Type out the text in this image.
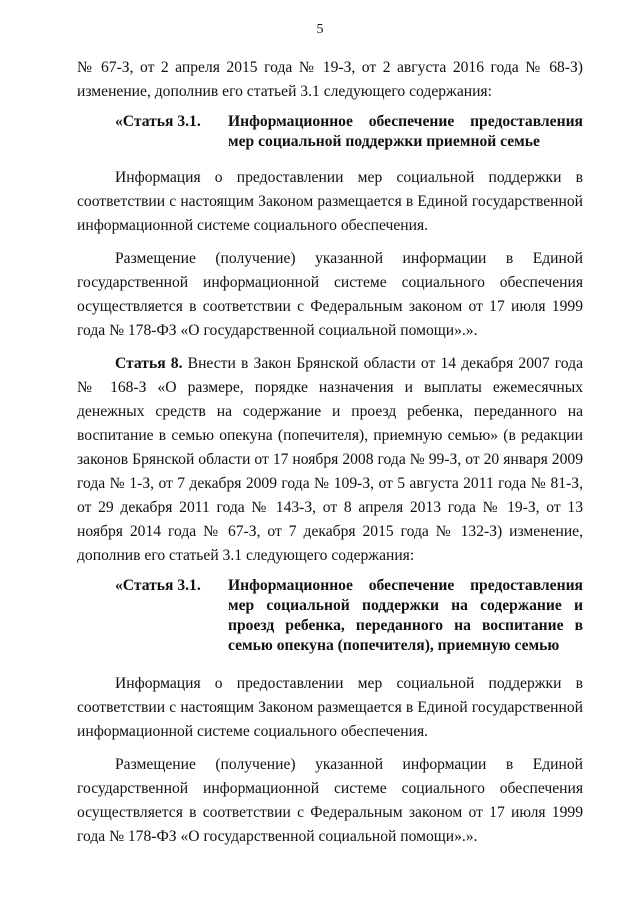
5

№ 67-З, от 2 апреля 2015 года № 19-З, от 2 августа 2016 года № 68-З) изменение, дополнив его статьей 3.1 следующего содержания:

«Статья 3.1.	Информационное обеспечение предоставления мер социальной поддержки приемной семье

Информация о предоставлении мер социальной поддержки в соответствии с настоящим Законом размещается в Единой государственной информационной системе социального обеспечения.

Размещение (получение) указанной информации в Единой государственной информационной системе социального обеспечения осуществляется в соответствии с Федеральным законом от 17 июля 1999 года № 178-ФЗ «О государственной социальной помощи».».

Статья 8. Внести в Закон Брянской области от 14 декабря 2007 года № 168-З «О размере, порядке назначения и выплаты ежемесячных денежных средств на содержание и проезд ребенка, переданного на воспитание в семью опекуна (попечителя), приемную семью» (в редакции законов Брянской области от 17 ноября 2008 года № 99-З, от 20 января 2009 года № 1-З, от 7 декабря 2009 года № 109-З, от 5 августа 2011 года № 81-З, от 29 декабря 2011 года № 143-З, от 8 апреля 2013 года № 19-З, от 13 ноября 2014 года № 67-З, от 7 декабря 2015 года № 132-З) изменение, дополнив его статьей 3.1 следующего содержания:

«Статья 3.1.	Информационное обеспечение предоставления мер социальной поддержки на содержание и проезд ребенка, переданного на воспитание в семью опекуна (попечителя), приемную семью

Информация о предоставлении мер социальной поддержки в соответствии с настоящим Законом размещается в Единой государственной информационной системе социального обеспечения.

Размещение (получение) указанной информации в Единой государственной информационной системе социального обеспечения осуществляется в соответствии с Федеральным законом от 17 июля 1999 года № 178-ФЗ «О государственной социальной помощи».».
